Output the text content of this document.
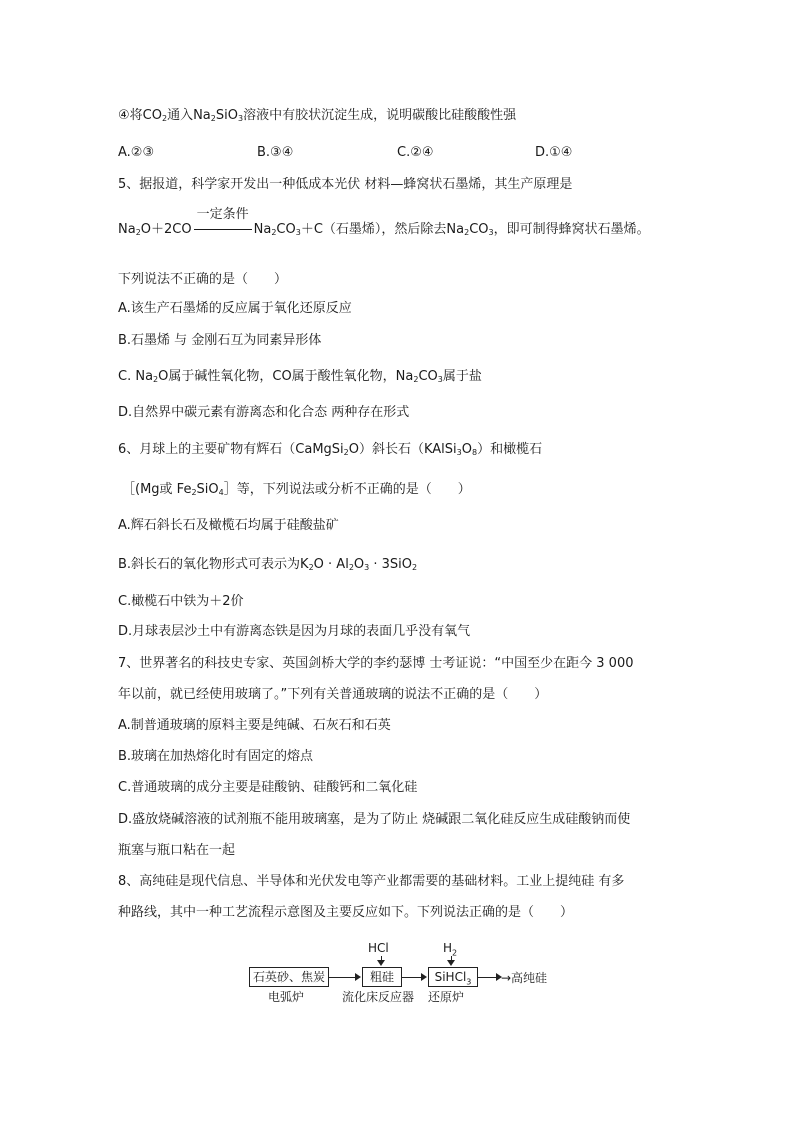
④将$CO_2$通入$Na_2SiO_3$溶液中有胶状沉淀生成，说明碳酸比硅酸酸性强
A.②③	B.③④	C.②④	D.①④
5、据报道，科学家开发出一种低成本光伏 材料—蜂窝状石墨烯，其生产原理是
$Na_2O+2CO$
一定条件
$Na_2CO_3+C$（石墨烯），然后除去$Na_2CO_3$，即可制得蜂窝状石墨烯。
下列说法不正确的是（　　）
A.该生产石墨烯的反应属于氧化还原反应
B.石墨烯 与 金刚石互为同素异形体
C. $Na_2O$属于碱性氧化物，CO属于酸性氧化物，$Na_2CO_3$属于盐
D.自然界中碳元素有游离态和化合态 两种存在形式
6、月球上的主要矿物有辉石（CaMgSi$_2$O）斜长石$(KAlSi_3O_8)$和橄榄石
［(Mg或 $Fe_2SiO_4]$等，下列说法或分析不正确的是（　　）
A.辉石斜长石及橄榄石均属于硅酸盐矿
B.斜长石的氧化物形式可表示为$K_2O \cdot Al_2O_3 \cdot 3SiO_2$
C.橄榄石中铁为＋2价
D.月球表层沙土中有游离态铁是因为月球的表面几乎没有氧气
7、世界著名的科技史专家、英国剑桥大学的李约瑟博 士考证说：“中国至少在距今 3 000
年以前，就已经使用玻璃了。”下列有关普通玻璃的说法不正确的是（　　）
A.制普通玻璃的原料主要是纯碱、石灰石和石英
B.玻璃在加热熔化时有固定的熔点
C.普通玻璃的成分主要是硅酸钠、硅酸钙和二氧化硅
D.盛放烧碱溶液的试剂瓶不能用玻璃塞，是为了防止 烧碱跟二氧化硅反应生成硅酸钠而使
瓶塞与瓶口粘在一起
8、高纯硅是现代信息、半导体和光伏发电等产业都需要的基础材料。工业上提纯硅 有多
种路线，其中一种工艺流程示意图及主要反应如下。下列说法正确的是（　　）
石英砂、焦炭	粗硅	SiHCl$_3$	→高纯硅
HCl	$H_2$
电弧炉	流化床反应器 还原炉
